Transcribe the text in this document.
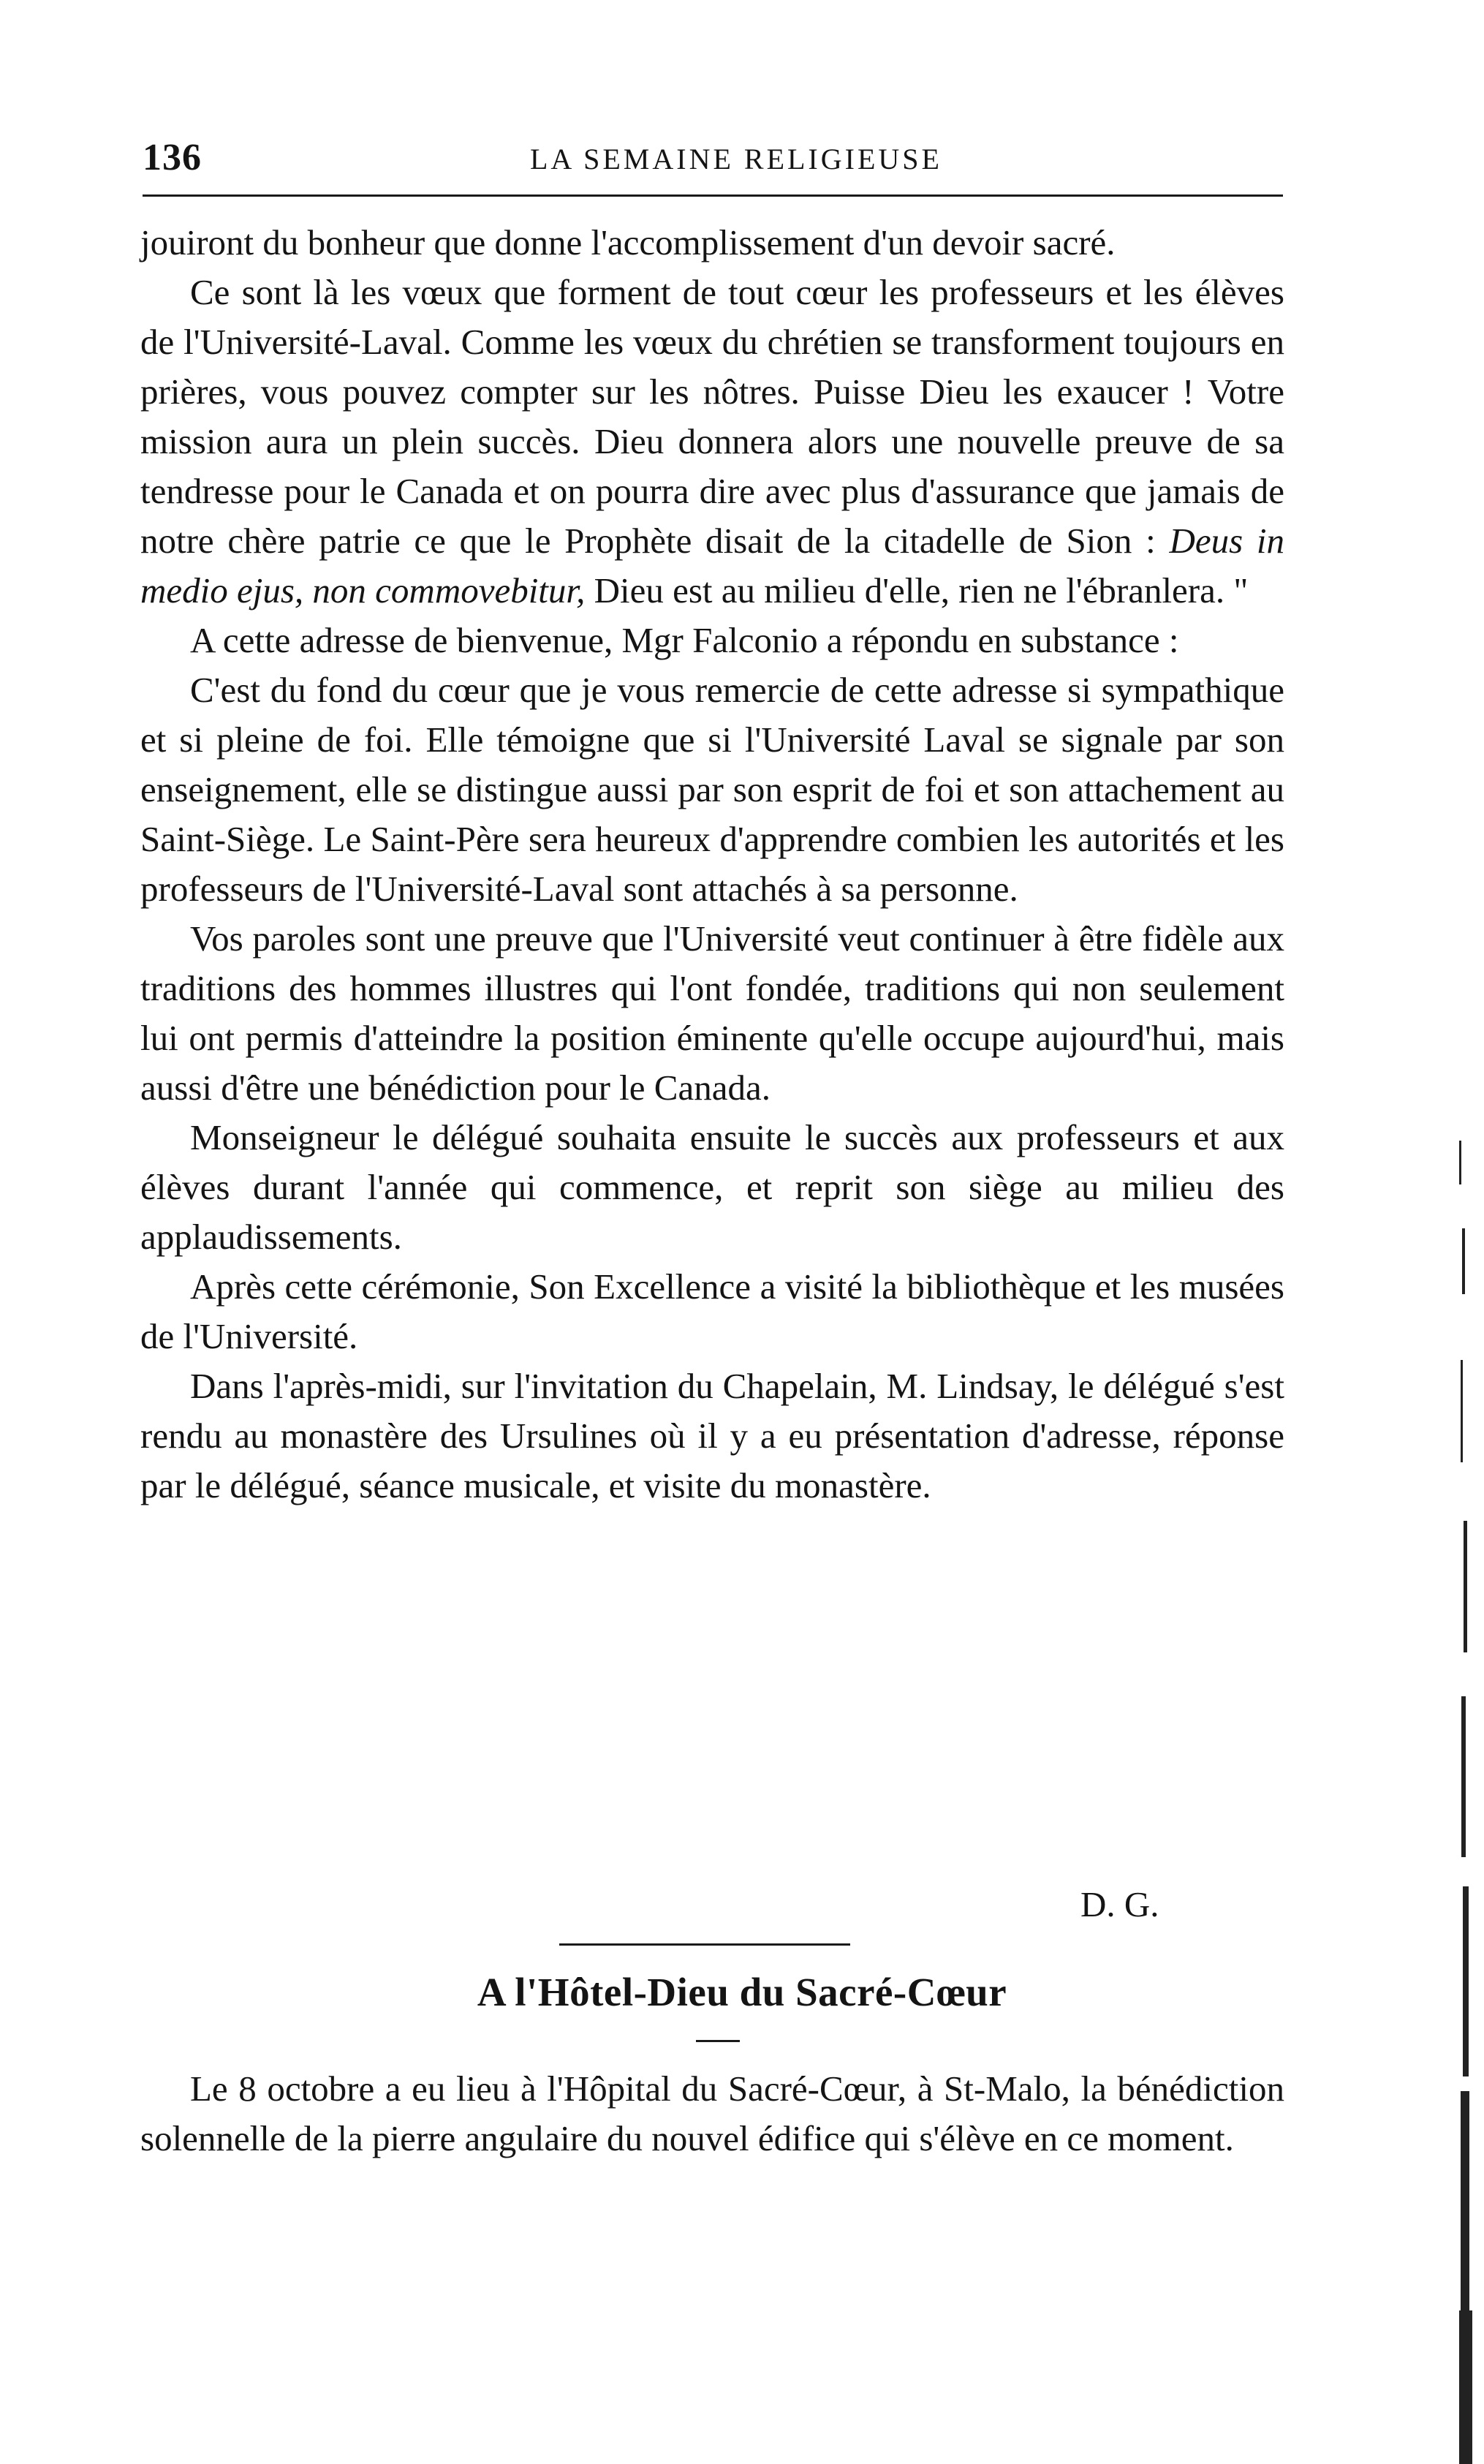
136	LA SEMAINE RELIGIEUSE

jouiront du bonheur que donne l'accomplissement d'un devoir sacré.

Ce sont là les vœux que forment de tout cœur les professeurs et les élèves de l'Université-Laval. Comme les vœux du chrétien se transforment toujours en prières, vous pouvez compter sur les nôtres. Puisse Dieu les exaucer ! Votre mission aura un plein succès. Dieu donnera alors une nouvelle preuve de sa tendresse pour le Canada et on pourra dire avec plus d'assurance que jamais de notre chère patrie ce que le Prophète disait de la citadelle de Sion : Deus in medio ejus, non commovebitur, Dieu est au milieu d'elle, rien ne l'ébranlera. "

A cette adresse de bienvenue, Mgr Falconio a répondu en substance :

C'est du fond du cœur que je vous remercie de cette adresse si sympathique et si pleine de foi. Elle témoigne que si l'Université Laval se signale par son enseignement, elle se distingue aussi par son esprit de foi et son attachement au Saint-Siège. Le Saint-Père sera heureux d'apprendre combien les autorités et les professeurs de l'Université-Laval sont attachés à sa personne.

Vos paroles sont une preuve que l'Université veut continuer à être fidèle aux traditions des hommes illustres qui l'ont fondée, traditions qui non seulement lui ont permis d'atteindre la position éminente qu'elle occupe aujourd'hui, mais aussi d'être une bénédiction pour le Canada.

Monseigneur le délégué souhaita ensuite le succès aux professeurs et aux élèves durant l'année qui commence, et reprit son siège au milieu des applaudissements.

Après cette cérémonie, Son Excellence a visité la bibliothèque et les musées de l'Université.

Dans l'après-midi, sur l'invitation du Chapelain, M. Lindsay, le délégué s'est rendu au monastère des Ursulines où il y a eu présentation d'adresse, réponse par le délégué, séance musicale, et visite du monastère.

D. G.
A l'Hôtel-Dieu du Sacré-Cœur

Le 8 octobre a eu lieu à l'Hôpital du Sacré-Cœur, à St-Malo, la bénédiction solennelle de la pierre angulaire du nouvel édifice qui s'élève en ce moment.
